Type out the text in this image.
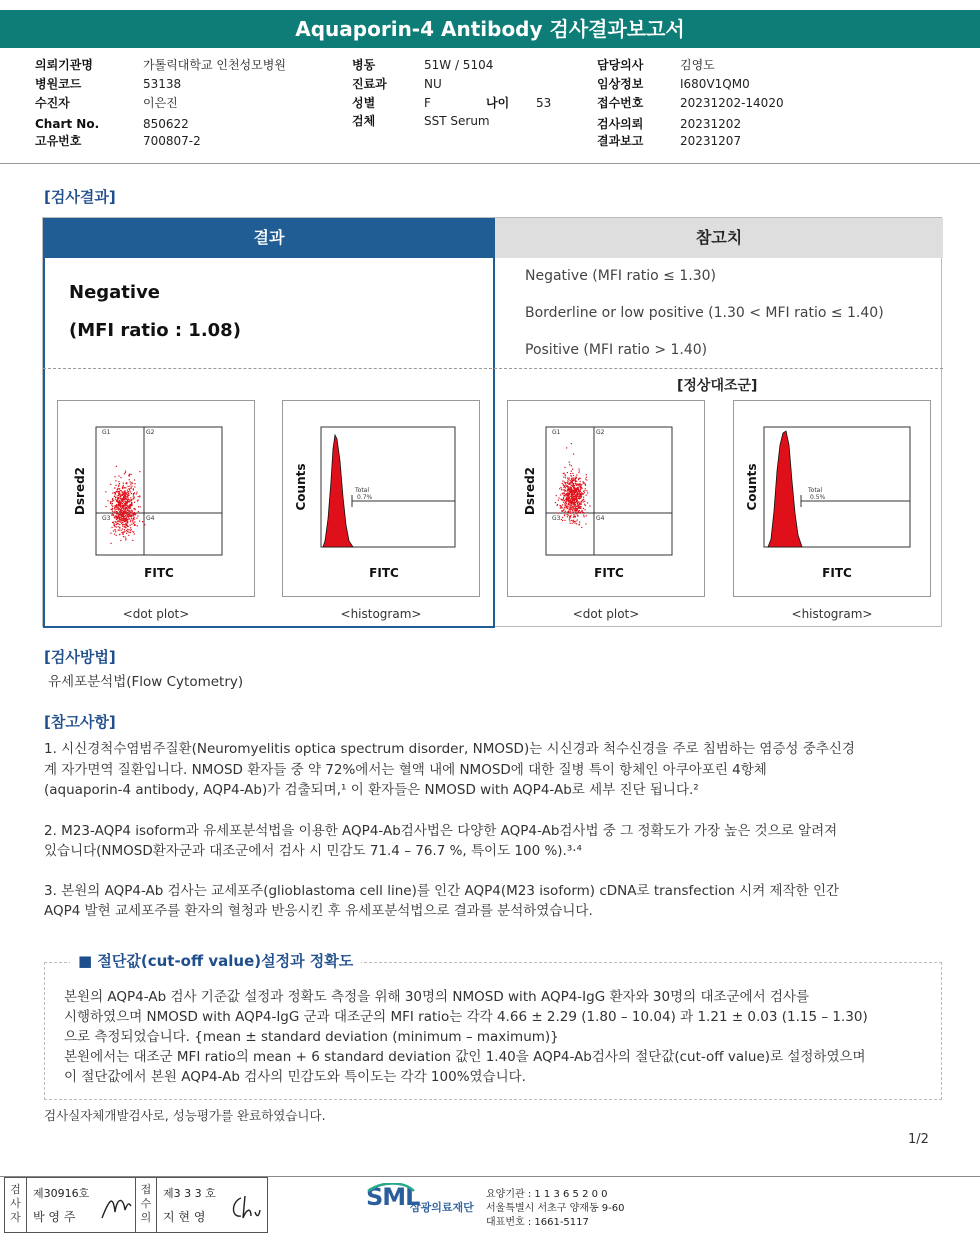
Aquaporin-4 Antibody 검사결과보고서
의뢰기관명	가톨릭대학교 인천성모병원
병원코드	53138
수진자	이은진
Chart No.	850622
고유번호	700807-2
병동	51W / 5104
진료과	NU
성별	F	나이 53
검체	SST Serum
담당의사	김영도
임상정보	I680V1QM0
접수번호	20231202-14020
검사의뢰	20231202
결과보고	20231207
[검사결과]
결과	참고치
Negative
(MFI ratio : 1.08)
Negative (MFI ratio ≤ 1.30)
Borderline or low positive (1.30 < MFI ratio ≤ 1.40)
Positive (MFI ratio > 1.40)
[정상대조군]
G1	G2
G3	G4
Dsred2
FITC
Total
0.7%
Counts
FITC
G1	G2
G3	G4
Dsred2
FITC
Total
0.5%
Counts
FITC
<dot plot>	<histogram>	<dot plot>	<histogram>
[검사방법]
유세포분석법(Flow Cytometry)
[참고사항]
1. 시신경척수염범주질환(Neuromyelitis optica spectrum disorder, NMOSD)는 시신경과 척수신경을 주로 침범하는 염증성 중추신경
계 자가면역 질환입니다. NMOSD 환자들 중 약 72%에서는 혈액 내에 NMOSD에 대한 질병 특이 항체인 아쿠아포린 4항체
(aquaporin-4 antibody, AQP4-Ab)가 검출되며,¹ 이 환자들은 NMOSD with AQP4-Ab로 세부 진단 됩니다.²
2. M23-AQP4 isoform과 유세포분석법을 이용한 AQP4-Ab검사법은 다양한 AQP4-Ab검사법 중 그 정확도가 가장 높은 것으로 알려져
있습니다(NMOSD환자군과 대조군에서 검사 시 민감도 71.4 – 76.7 %, 특이도 100 %).³·⁴
3. 본원의 AQP4-Ab 검사는 교세포주(glioblastoma cell line)를 인간 AQP4(M23 isoform) cDNA로 transfection 시켜 제작한 인간
AQP4 발현 교세포주를 환자의 혈청과 반응시킨 후 유세포분석법으로 결과를 분석하였습니다.
■ 절단값(cut-off value)설정과 정확도
본원의 AQP4-Ab 검사 기준값 설정과 정확도 측정을 위해 30명의 NMOSD with AQP4-IgG 환자와 30명의 대조군에서 검사를
시행하였으며 NMOSD with AQP4-IgG 군과 대조군의 MFI ratio는 각각 4.66 ± 2.29 (1.80 – 10.04) 과 1.21 ± 0.03 (1.15 – 1.30)
으로 측정되었습니다. {mean ± standard deviation (minimum – maximum)}
본원에서는 대조군 MFI ratio의 mean + 6 standard deviation 값인 1.40을 AQP4-Ab검사의 절단값(cut-off value)로 설정하였으며
이 절단값에서 본원 AQP4-Ab 검사의 민감도와 특이도는 각각 100%였습니다.
검사실자체개발검사로, 성능평가를 완료하였습니다.
1/2
검사자
제30916호
박 영 주
접수의
제3 3 3 호
지 현 영
SML
삼광의료재단
요양기관 : 1 1 3 6 5 2 0 0
서울특별시 서초구 양재동 9-60
대표번호 : 1661-5117
